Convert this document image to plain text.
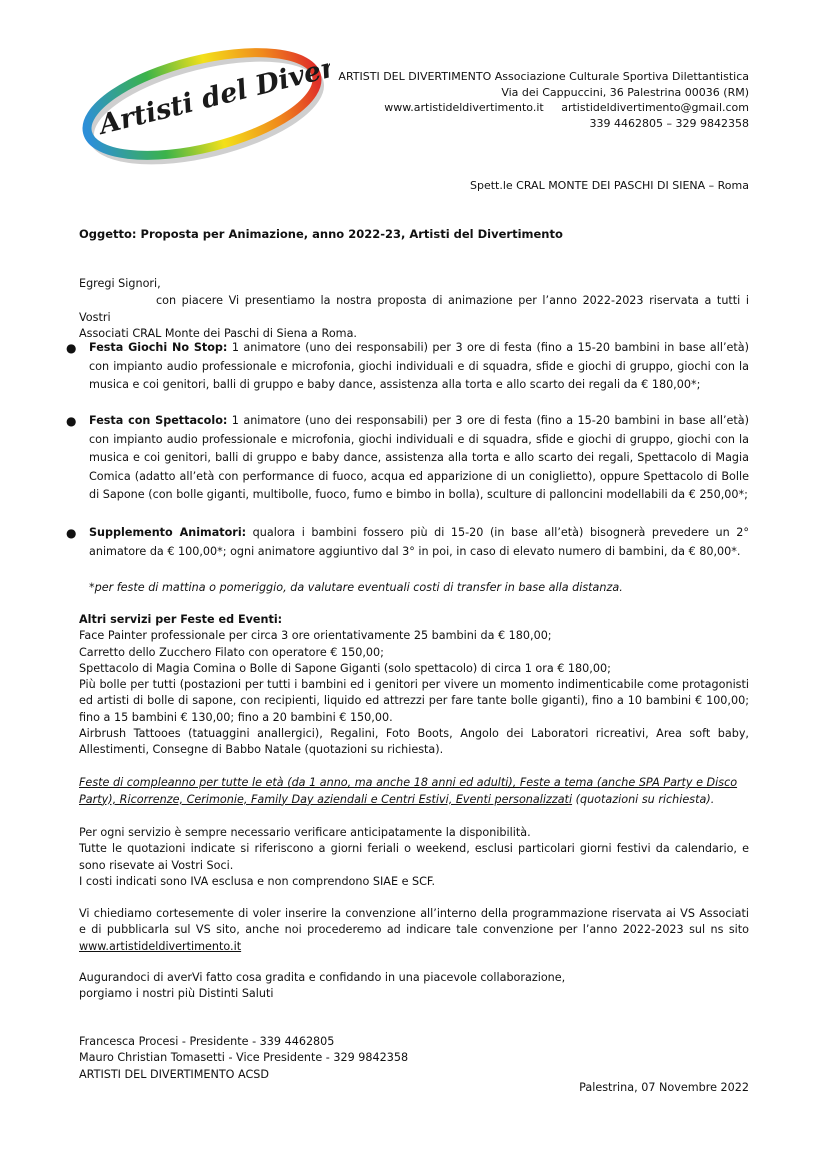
Artisti del Divertimento
ARTISTI DEL DIVERTIMENTO Associazione Culturale Sportiva Dilettantistica
Via dei Cappuccini, 36 Palestrina 00036 (RM)
www.artistideldivertimento.it artistideldivertimento@gmail.com
339 4462805 – 329 9842358
Spett.le CRAL MONTE DEI PASCHI DI SIENA – Roma
Oggetto: Proposta per Animazione, anno 2022-23, Artisti del Divertimento
Egregi Signori,
con piacere Vi presentiamo la nostra proposta di animazione per l’anno 2022-2023 riservata a tutti i Vostri
Associati CRAL Monte dei Paschi di Siena a Roma.
● Festa Giochi No Stop: 1 animatore (uno dei responsabili) per 3 ore di festa (fino a 15-20 bambini in base all’età) con impianto audio professionale e microfonia, giochi individuali e di squadra, sfide e giochi di gruppo, giochi con la musica e coi genitori, balli di gruppo e baby dance, assistenza alla torta e allo scarto dei regali da € 180,00*;
● Festa con Spettacolo: 1 animatore (uno dei responsabili) per 3 ore di festa (fino a 15-20 bambini in base all’età) con impianto audio professionale e microfonia, giochi individuali e di squadra, sfide e giochi di gruppo, giochi con la musica e coi genitori, balli di gruppo e baby dance, assistenza alla torta e allo scarto dei regali, Spettacolo di Magia Comica (adatto all’età con performance di fuoco, acqua ed apparizione di un coniglietto), oppure Spettacolo di Bolle di Sapone (con bolle giganti, multibolle, fuoco, fumo e bimbo in bolla), sculture di palloncini modellabili da € 250,00*;
● Supplemento Animatori: qualora i bambini fossero più di 15-20 (in base all’età) bisognerà prevedere un 2° animatore da € 100,00*; ogni animatore aggiuntivo dal 3° in poi, in caso di elevato numero di bambini, da € 80,00*.
*per feste di mattina o pomeriggio, da valutare eventuali costi di transfer in base alla distanza.
Altri servizi per Feste ed Eventi:
Face Painter professionale per circa 3 ore orientativamente 25 bambini da € 180,00;
Carretto dello Zucchero Filato con operatore € 150,00;
Spettacolo di Magia Comina o Bolle di Sapone Giganti (solo spettacolo) di circa 1 ora € 180,00;
Più bolle per tutti (postazioni per tutti i bambini ed i genitori per vivere un momento indimenticabile come protagonisti ed artisti di bolle di sapone, con recipienti, liquido ed attrezzi per fare tante bolle giganti), fino a 10 bambini € 100,00; fino a 15 bambini € 130,00; fino a 20 bambini € 150,00.
Airbrush Tattooes (tatuaggini anallergici), Regalini, Foto Boots, Angolo dei Laboratori ricreativi, Area soft baby, Allestimenti, Consegne di Babbo Natale (quotazioni su richiesta).
Feste di compleanno per tutte le età (da 1 anno, ma anche 18 anni ed adulti), Feste a tema (anche SPA Party e Disco Party), Ricorrenze, Cerimonie, Family Day aziendali e Centri Estivi, Eventi personalizzati (quotazioni su richiesta).
Per ogni servizio è sempre necessario verificare anticipatamente la disponibilità.
Tutte le quotazioni indicate si riferiscono a giorni feriali o weekend, esclusi particolari giorni festivi da calendario, e sono risevate ai Vostri Soci.
I costi indicati sono IVA esclusa e non comprendono SIAE e SCF.
Vi chiediamo cortesemente di voler inserire la convenzione all’interno della programmazione riservata ai VS Associati e di pubblicarla sul VS sito, anche noi procederemo ad indicare tale convenzione per l’anno 2022-2023 sul ns sito www.artistideldivertimento.it
Augurandoci di averVi fatto cosa gradita e confidando in una piacevole collaborazione,
porgiamo i nostri più Distinti Saluti
Francesca Procesi - Presidente - 339 4462805
Mauro Christian Tomasetti - Vice Presidente - 329 9842358
ARTISTI DEL DIVERTIMENTO ACSD
Palestrina, 07 Novembre 2022
